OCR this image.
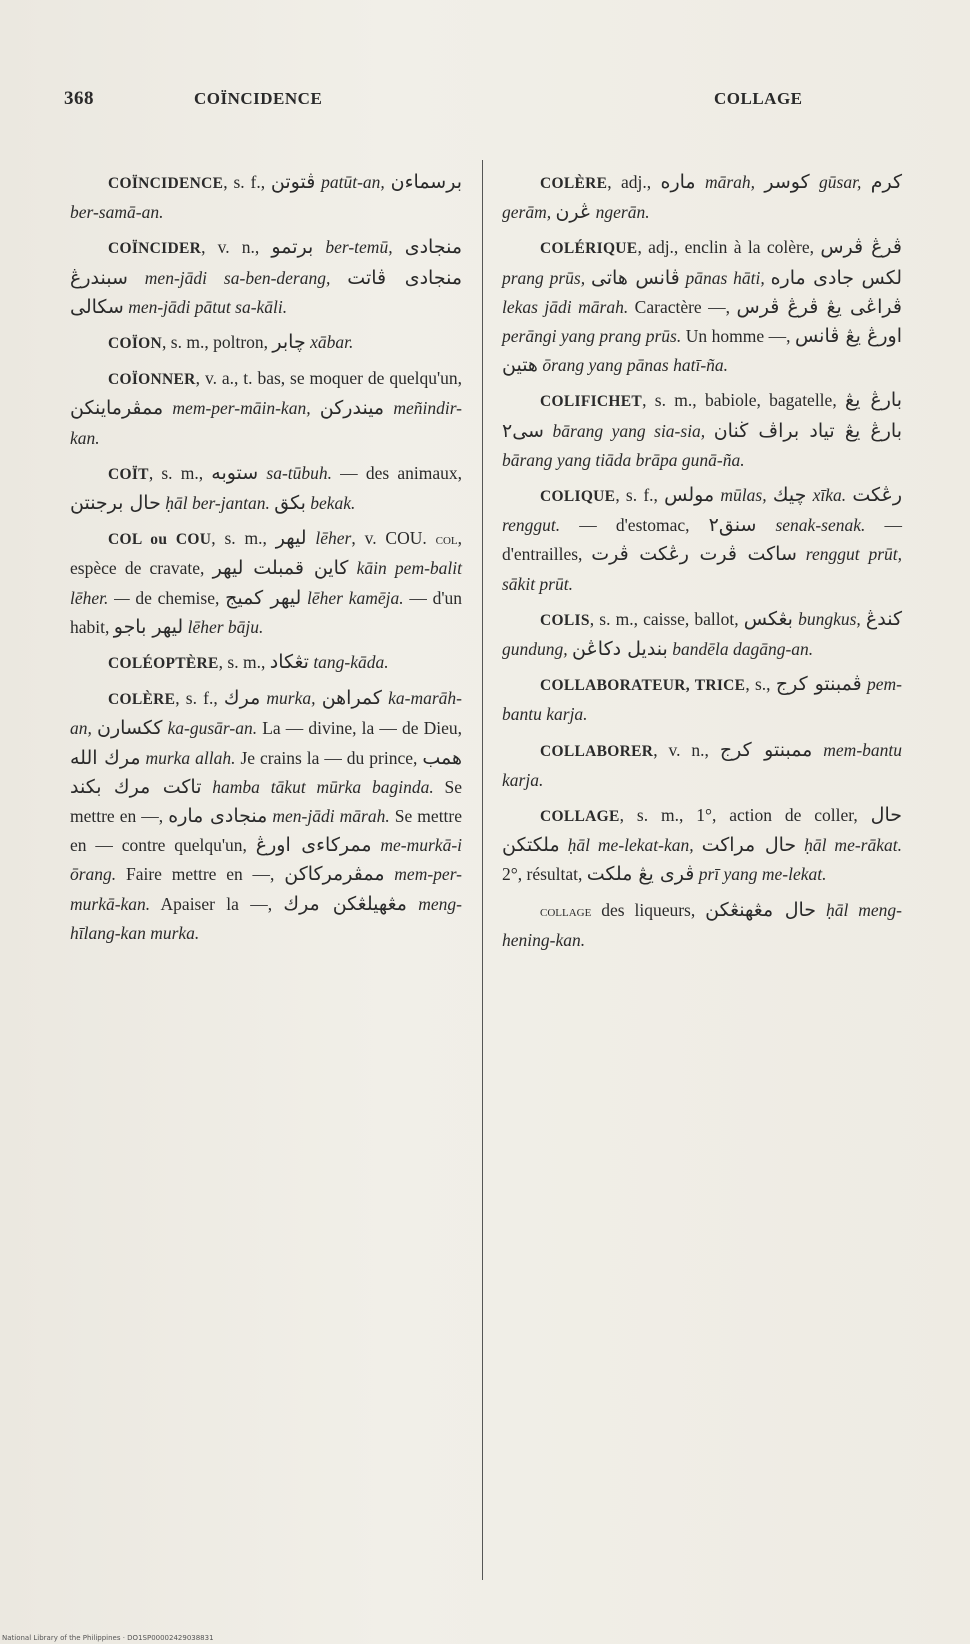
368	COÏNCIDENCE	COLLAGE

COÏNCIDENCE, s. f., ڤتوتن patūt-an, برسماءن ber-samā-an.

COÏNCIDER, v. n., برتمو ber-temū, منجادى سبندرڠ men-jādi sa-ben-derang, منجادى ڤاتت سكالى men-jādi pātut sa-kāli.

COÏON, s. m., poltron, چابر xābar.

COÏONNER, v. a., t. bas, se moquer de quelqu'un, ممڤرماينكن mem-per-māin-kan, ميندركن meñindir-kan.

COÏT, s. m., ستوبه sa-tūbuh. — des animaux, حال برجنتن ḥāl ber-jantan. بكق bekak.

COL ou COU, s. m., ليهر lēher, v. COU. col, espèce de cravate, كاين قمبلت ليهر kāin pem-balit lēher. — de chemise, ليهر كميج lēher kamēja. — d'un habit, ليهر باجو lēher bāju.

COLÉOPTÈRE, s. m., تڠكاد tang-kāda.

COLÈRE, s. f., مرك murka, كمراهن ka-marāh-an, ككسارن ka-gusār-an. La — divine, la — de Dieu, مرك الله murka allah. Je crains la — du prince, همب تاكت مرك بكند hamba tākut mūrka baginda. Se mettre en —, منجادى ماره men-jādi mārah. Se mettre en — contre quelqu'un, ممركاءى اورڠ me-murkā-i ōrang. Faire mettre en —, ممڤرمركاكن mem-per-murkā-kan. Apaiser la —, مڠهيلڠكن مرك meng-hīlang-kan murka.

COLÈRE, adj., ماره mārah, كوسر gūsar, كرم gerām, ڠرن ngerān.

COLÉRIQUE, adj., enclin à la colère, ڤرڠ ڤرس prang prūs, ڤانس هاتى pānas hāti, لكس جادى ماره lekas jādi mārah. Caractère —, ڤراڠى يڠ ڤرڠ ڤرس perāngi yang prang prūs. Un homme —, اورڠ يڠ ڤانس هتين ōrang yang pānas hatī-ña.

COLIFICHET, s. m., babiole, bagatelle, بارڠ يڠ سى٢ bārang yang sia-sia, بارڠ يڠ تياد براڤ ڬنان bārang yang tiāda brāpa gunā-ña.

COLIQUE, s. f., مولس mūlas, چيك xīka. رڠكت renggut. — d'estomac, سنق٢ senak-senak. — d'entrailles, ساكت ڤرت رڠكت ڤرت renggut prūt, sākit prūt.

COLIS, s. m., caisse, ballot, بڠكس bungkus, كندڠ gundung, بنديل دكاڠن bandēla dagāng-an.

COLLABORATEUR, TRICE, s., ڤمبنتو كرج pem-bantu karja.

COLLABORER, v. n., ممبنتو كرج mem-bantu karja.

COLLAGE, s. m., 1°, action de coller, حال ملكتكن ḥāl me-lekat-kan, حال مراكت ḥāl me-rākat. 2°, résultat, ڤرى يڠ ملكت prī yang me-lekat.

collage des liqueurs, حال مڠهنڠكن ḥāl meng-hening-kan.

National Library of the Philippines · DO1SP00002429038831
